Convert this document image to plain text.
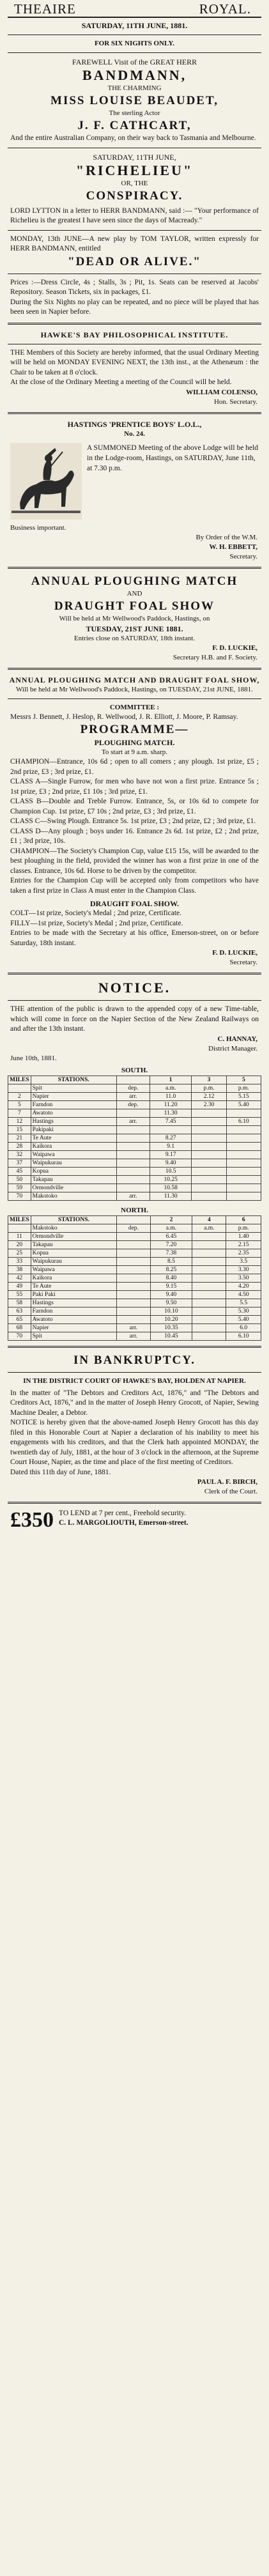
THEAIRE	ROYAL.
SATURDAY, 11TH JUNE, 1881.
FOR SIX NIGHTS ONLY.
FAREWELL Visit of the GREAT HERR
BANDMANN,
THE CHARMING
MISS LOUISE BEAUDET,
The sterling Actor
J. F. CATHCART,
And the entire Australian Company, on their way back to Tasmania and Melbourne.
SATURDAY, 11TH JUNE,
"RICHELIEU"
OR, THE
CONSPIRACY.
LORD LYTTON in a letter to HERR BANDMANN, said :— "Your performance of Richelieu is the greatest I have seen since the days of Macready."
MONDAY, 13th JUNE—A new play by TOM TAYLOR, written expressly for HERR BANDMANN, entitled
"DEAD OR ALIVE."
Prices :—Dress Circle, 4s ; Stalls, 3s ; Pit, 1s. Seats can be reserved at Jacobs' Repository. Season Tickets, six in packages, £1.
During the Six Nights no play can be repeated, and no piece will be played that has been seen in Napier before.
HAWKE'S BAY PHILOSOPHICAL INSTITUTE.
THE Members of this Society are hereby informed, that the usual Ordinary Meeting will be held on MONDAY EVENING NEXT, the 13th inst., at the Athenæum : the Chair to be taken at 8 o'clock.
At the close of the Ordinary Meeting a meeting of the Council will be held.
WILLIAM COLENSO,
Hon. Secretary.
HASTINGS 'PRENTICE BOYS' L.O.L.,
No. 24.
A SUMMONED Meeting of the above Lodge will be held in the Lodge-room, Hastings, on SATURDAY, June 11th, at 7.30 p.m.
Business important.
By Order of the W.M.
W. H. EBBETT,
Secretary.
ANNUAL PLOUGHING MATCH
AND
DRAUGHT FOAL SHOW
Will be held at Mr Wellwood's Paddock, Hastings, on
TUESDAY, 21ST JUNE 1881.
Entries close on SATURDAY, 18th instant.
F. D. LUCKIE,
Secretary H.B. and F. Society.
ANNUAL PLOUGHING MATCH AND DRAUGHT FOAL SHOW,
Will be held at Mr Wellwood's Paddock, Hastings, on TUESDAY, 21st JUNE, 1881.
COMMITTEE :
Messrs J. Bennett, J. Heslop, R. Wellwood, J. R. Elliott, J. Moore, P. Ramsay.
PROGRAMME—
PLOUGHING MATCH.
To start at 9 a.m. sharp.
CHAMPION—Entrance, 10s 6d ; open to all comers ; any plough. 1st prize, £5 ; 2nd prize, £3 ; 3rd prize, £1.
CLASS A—Single Furrow, for men who have not won a first prize. Entrance 5s ; 1st prize, £3 ; 2nd prize, £1 10s ; 3rd prize, £1.
CLASS B—Double and Treble Furrow. Entrance, 5s, or 10s 6d to compete for Champion Cup. 1st prize, £7 10s ; 2nd prize, £3 ; 3rd prize, £1.
CLASS C—Swing Plough. Entrance 5s. 1st prize, £3 ; 2nd prize, £2 ; 3rd prize, £1.
CLASS D—Any plough ; boys under 16. Entrance 2s 6d. 1st prize, £2 ; 2nd prize, £1 ; 3rd prize, 10s.
CHAMPION—The Society's Champion Cup, value £15 15s, will be awarded to the best ploughing in the field, provided the winner has won a first prize in one of the classes. Entrance, 10s 6d. Horse to be driven by the competitor.
Entries for the Champion Cup will be accepted only from competitors who have taken a first prize in Class A must enter in the Champion Class.
DRAUGHT FOAL SHOW.
COLT—1st prize, Society's Medal ; 2nd prize, Certificate.
FILLY—1st prize, Society's Medal ; 2nd prize, Certificate.
Entries to be made with the Secretary at his office, Emerson-street, on or before Saturday, 18th instant.
F. D. LUCKIE,
Secretary.
NOTICE.
THE attention of the public is drawn to the appended copy of a new Time-table, which will come in force on the Napier Section of the New Zealand Railways on and after the 13th instant.
C. HANNAY,
District Manager.
June 10th, 1881.
SOUTH.
MILES	STATIONS.		1	3	5
	Spit	dep.	a.m.	p.m.	p.m.
2	Napier	arr.	11.0	2.12	5.15
5	Farndon	dep.	11.20	2.30	5.40
7	Awatoto		11.30		
12	Hastings	arr.	7.45		6.10
15	Pakipaki				
21	Te Aute		8.27		
28	Kaikora		9.1		
32	Waipawa		9.17		
37	Waipukurau		9.40		
45	Kopua		10.5		
50	Takapau		10.25		
59	Ormondville		10.58		
70	Makotoko	arr.	11.30		
NORTH.
MILES	STATIONS.		2	4	6
	Makotoko	dep.	a.m.	a.m.	p.m.
11	Ormondville		6.45		1.40
20	Takapau		7.20		2.15
25	Kopua		7.38		2.35
33	Waipukurau		8.5		3.5
38	Waipawa		8.25		3.30
42	Kaikora		8.40		3.50
49	Te Aute		9.15		4.20
55	Paki Paki		9.40		4.50
58	Hastings		9.50		5.5
63	Farndon		10.10		5.30
65	Awatoto		10.20		5.40
68	Napier	arr.	10.35		6.0
70	Spit	arr.	10.45		6.10
IN BANKRUPTCY.
IN THE DISTRICT COURT OF HAWKE'S BAY, HOLDEN AT NAPIER.
In the matter of "The Debtors and Creditors Act, 1876," and "The Debtors and Creditors Act, 1876," and in the matter of Joseph Henry Grocott, of Napier, Sewing Machine Dealer, a Debtor.
NOTICE is hereby given that the above-named Joseph Henry Grocott has this day filed in this Honorable Court at Napier a declaration of his inability to meet his engagements with his creditors, and that the Clerk hath appointed MONDAY, the twentieth day of July, 1881, at the hour of 3 o'clock in the afternoon, at the Supreme Court House, Napier, as the time and place of the first meeting of Creditors.
Dated this 11th day of June, 1881.
PAUL A. F. BIRCH,
Clerk of the Court.
£350 TO LEND at 7 per cent., Freehold security.
C. L. MARGOLIOUTH, Emerson-street.
